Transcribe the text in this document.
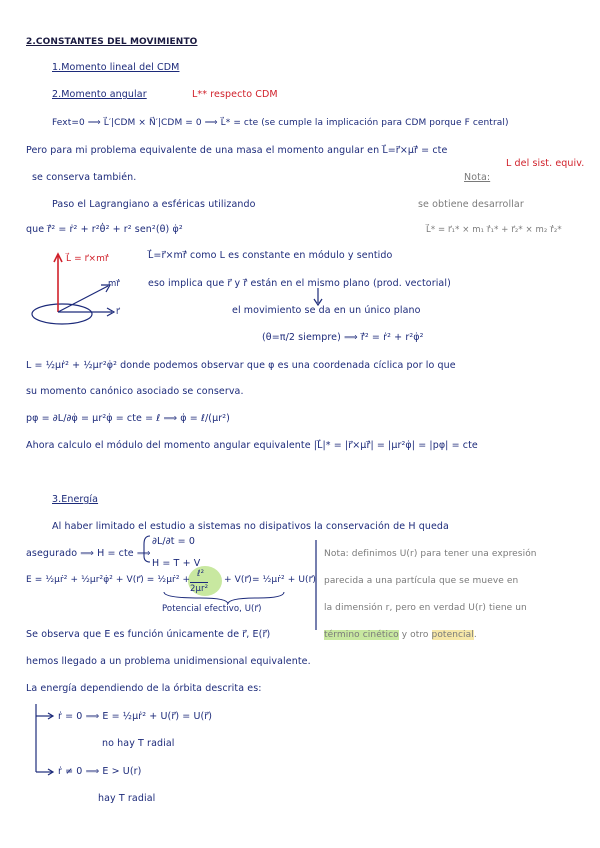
2.CONSTANTES DEL MOVIMIENTO
1.Momento lineal del CDM
2.Momento angular	L** respecto CDM
Fext=0 ⟹ L⃗′|CDM × N⃗′|CDM = 0 ⟹ L⃗* = cte (se cumple la implicación para CDM porque F central)
Pero para mi problema equivalente de una masa el momento angular en L⃗=r⃗×μṙ⃗ = cte
L del sist. equiv.
se conserva también.	Nota:
Paso el Lagrangiano a esféricas utilizando	se obtiene desarrollar
que ṙ⃗² = ṙ² + r²θ̇² + r² sen²(θ) φ̇²	L⃗* = r⃗₁* × m₁ ṙ⃗₁* + r⃗₂* × m₂ ṙ⃗₂*
L⃗ = r⃗×mṙ⃗
mṙ⃗
r⃗
L⃗=r⃗×mṙ⃗ como L es constante en módulo y sentido
eso implica que r⃗ y ṙ⃗ están en el mismo plano (prod. vectorial)
el movimiento se da en un único plano
(θ=π/2 siempre) ⟹ ṙ⃗² = ṙ² + r²φ̇²
L = ½μṙ² + ½μr²φ̇² donde podemos observar que φ es una coordenada cíclica por lo que
su momento canónico asociado se conserva.
pφ = ∂L/∂φ̇ = μr²φ̇ = cte = ℓ ⟹ φ̇ = ℓ/(μr²)
Ahora calculo el módulo del momento angular equivalente |L⃗|* = |r⃗×μṙ⃗| = |μr²φ̇| = |pφ| = cte
3.Energía
Al haber limitado el estudio a sistemas no disipativos la conservación de H queda
asegurado ⟹ H = cte ⟹
∂L/∂t = 0
H = T + V
E = ½μṙ² + ½μr²φ̇² + V(r⃗) = ½μṙ² +
ℓ²
2μr²
+ V(r⃗) = ½μṙ² + U(r⃗)
Potencial efectivo, U(r⃗)
Nota: definimos U(r) para tener una expresión
parecida a una partícula que se mueve en
la dimensión r, pero en verdad U(r) tiene un
término cinético y otro potencial.
Se observa que E es función únicamente de r⃗, E(r⃗)
hemos llegado a un problema unidimensional equivalente.
La energía dependiendo de la órbita descrita es:
ṙ = 0 ⟹ E = ½μṙ² + U(r⃗) = U(r⃗)
no hay T radial
ṙ ≠ 0 ⟹ E > U(r)
hay T radial
